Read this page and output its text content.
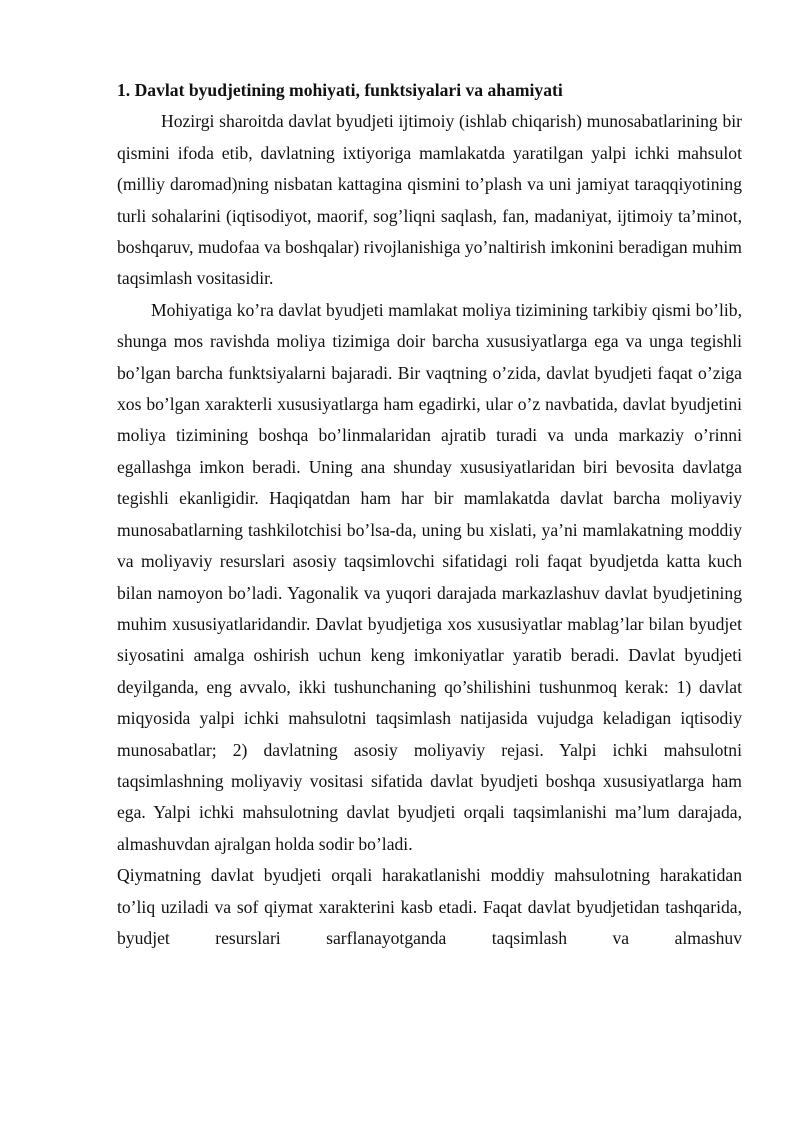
1. Davlat byudjetining mohiyati, funktsiyalari va ahamiyati

Hozirgi sharoitda davlat byudjeti ijtimoiy (ishlab chiqarish) munosabatlarining bir qismini ifoda etib, davlatning ixtiyoriga mamlakatda yaratilgan yalpi ichki mahsulot (milliy daromad)ning nisbatan kattagina qismini to’plash va uni jamiyat taraqqiyotining turli sohalarini (iqtisodiyot, maorif, sog’liqni saqlash, fan, madaniyat, ijtimoiy ta’minot, boshqaruv, mudofaa va boshqalar) rivojlanishiga yo’naltirish imkonini beradigan muhim taqsimlash vositasidir.

Mohiyatiga ko’ra davlat byudjeti mamlakat moliya tizimining tarkibiy qismi bo’lib, shunga mos ravishda moliya tizimiga doir barcha xususiyatlarga ega va unga tegishli bo’lgan barcha funktsiyalarni bajaradi. Bir vaqtning o’zida, davlat byudjeti faqat o’ziga xos bo’lgan xarakterli xususiyatlarga ham egadirki, ular o’z navbatida, davlat byudjetini moliya tizimining boshqa bo’linmalaridan ajratib turadi va unda markaziy o’rinni egallashga imkon beradi. Uning ana shunday xususiyatlaridan biri bevosita davlatga tegishli ekanligidir. Haqiqatdan ham har bir mamlakatda davlat barcha moliyaviy munosabatlarning tashkilotchisi bo’lsa-da, uning bu xislati, ya’ni mamlakatning moddiy va moliyaviy resurslari asosiy taqsimlovchi sifatidagi roli faqat byudjetda katta kuch bilan namoyon bo’ladi. Yagonalik va yuqori darajada markazlashuv davlat byudjetining muhim xususiyatlaridandir. Davlat byudjetiga xos xususiyatlar mablag’lar bilan byudjet siyosatini amalga oshirish uchun keng imkoniyatlar yaratib beradi. Davlat byudjeti deyilganda, eng avvalo, ikki tushunchaning qo’shilishini tushunmoq kerak: 1) davlat miqyosida yalpi ichki mahsulotni taqsimlash natijasida vujudga keladigan iqtisodiy munosabatlar; 2) davlatning asosiy moliyaviy rejasi. Yalpi ichki mahsulotni taqsimlashning moliyaviy vositasi sifatida davlat byudjeti boshqa xususiyatlarga ham ega. Yalpi ichki mahsulotning davlat byudjeti orqali taqsimlanishi ma’lum darajada, almashuvdan ajralgan holda sodir bo’ladi.

Qiymatning davlat byudjeti orqali harakatlanishi moddiy mahsulotning harakatidan to’liq uziladi va sof qiymat xarakterini kasb etadi. Faqat davlat byudjetidan tashqarida, byudjet resurslari sarflanayotganda taqsimlash va almashuv
